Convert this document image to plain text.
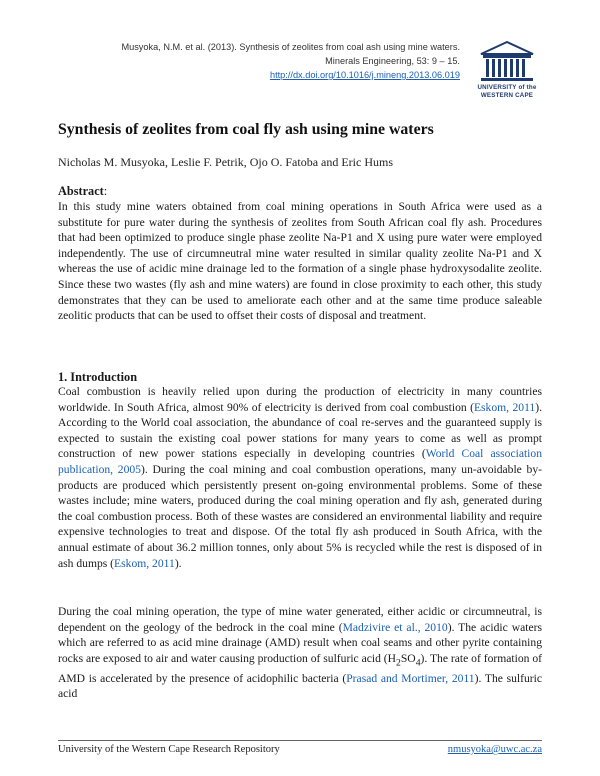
Musyoka, N.M. et al. (2013). Synthesis of zeolites from coal ash using mine waters.
Minerals Engineering, 53: 9 – 15.
http://dx.doi.org/10.1016/j.mineng.2013.06.019
UNIVERSITY of the
WESTERN CAPE
Synthesis of zeolites from coal fly ash using mine waters
Nicholas M. Musyoka, Leslie F. Petrik, Ojo O. Fatoba and Eric Hums
Abstract:

In this study mine waters obtained from coal mining operations in South Africa were used as a substitute for pure water during the synthesis of zeolites from South African coal fly ash. Procedures that had been optimized to produce single phase zeolite Na-P1 and X using pure water were employed independently. The use of circumneutral mine water resulted in similar quality zeolite Na-P1 and X whereas the use of acidic mine drainage led to the formation of a single phase hydroxysodalite zeolite. Since these two wastes (fly ash and mine waters) are found in close proximity to each other, this study demonstrates that they can be used to ameliorate each other and at the same time produce saleable zeolitic products that can be used to offset their costs of disposal and treatment.

1. Introduction

Coal combustion is heavily relied upon during the production of electricity in many countries worldwide. In South Africa, almost 90% of electricity is derived from coal combustion (Eskom, 2011). According to the World coal association, the abundance of coal re-serves and the guaranteed supply is expected to sustain the existing coal power stations for many years to come as well as prompt construction of new power stations especially in developing countries (World Coal association publication, 2005). During the coal mining and coal combustion operations, many un-avoidable by-products are produced which persistently present on-going environmental problems. Some of these wastes include; mine waters, produced during the coal mining operation and fly ash, generated during the coal combustion process. Both of these wastes are considered an environmental liability and require expensive technologies to treat and dispose. Of the total fly ash produced in South Africa, with the annual estimate of about 36.2 million tonnes, only about 5% is recycled while the rest is disposed of in ash dumps (Eskom, 2011).

During the coal mining operation, the type of mine water generated, either acidic or circumneutral, is dependent on the geology of the bedrock in the coal mine (Madzivire et al., 2010). The acidic waters which are referred to as acid mine drainage (AMD) result when coal seams and other pyrite containing rocks are exposed to air and water causing production of sulfuric acid $(H_2SO_4)$. The rate of formation of AMD is accelerated by the presence of acidophilic bacteria (Prasad and Mortimer, 2011). The sulfuric acid

University of the Western Cape Research Repository	nmusyoka@uwc.ac.za
